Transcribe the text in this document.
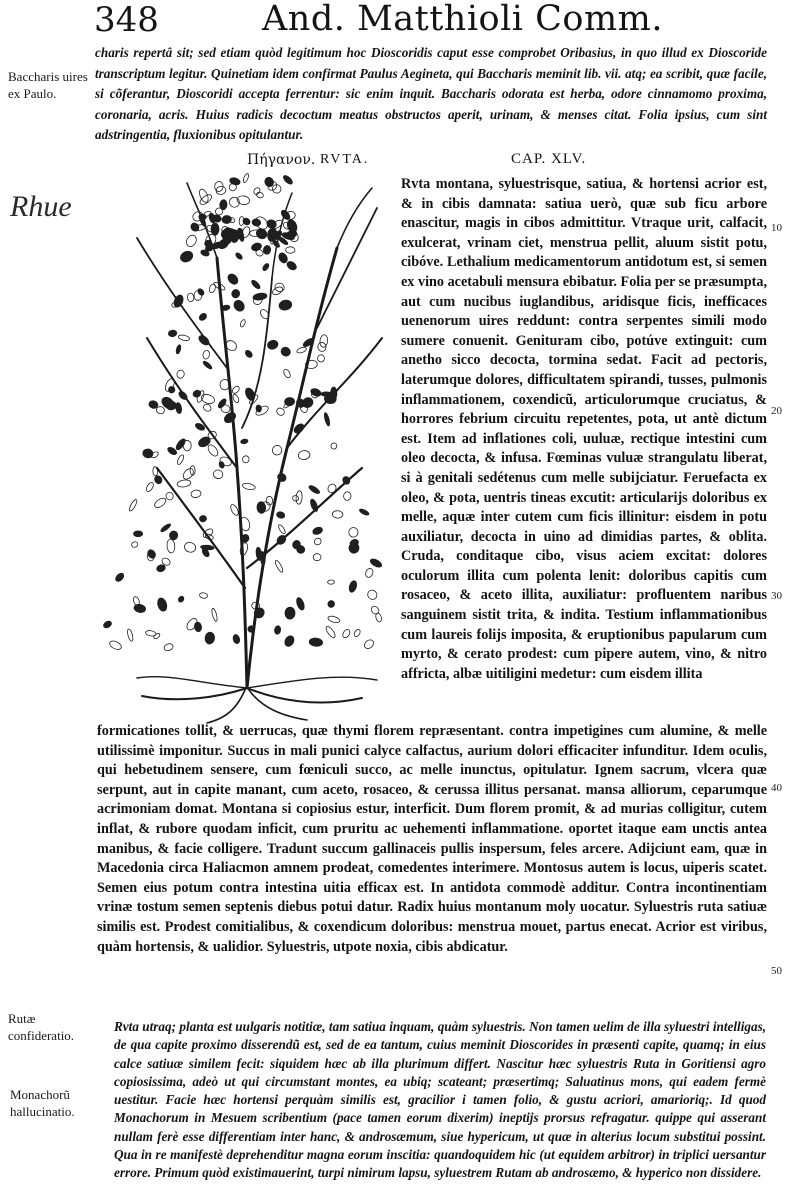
348	And. Matthioli Comm.
charis repertâ sit; sed etiam quòd legitimum hoc Dioscoridis caput esse comprobet Oribasius, in quo illud ex Dioscoride transcriptum legitur. Quinetiam idem confirmat Paulus Aegineta, qui Baccharis meminit lib. vii. atq; ea scribit, quæ facile, si cõferantur, Dioscoridi accepta ferrentur: sic enim inquit. Baccharis odorata est herba, odore cinnamomo proxima, coronaria, acris. Huius radicis decoctum meatus obstructos aperit, urinam, & menses citat. Folia ipsius, cum sint adstringentia, fluxionibus opitulantur.
Baccharis uires ex Paulo.
Rhue
Πήγανον. RVTA.	CAP. XLV.
Rvta montana, syluestrisque, satiua, & hortensi acrior est, & in cibis damnata: satiua uerò, quæ sub ficu arbore enascitur, magis in cibos admittitur. Vtraque urit, calfacit, exulcerat, vrinam ciet, menstrua pellit, aluum sistit potu, cibóve. Lethalium medicamentorum antidotum est, si semen ex vino acetabuli mensura ebibatur. Folia per se præsumpta, aut cum nucibus iuglandibus, aridisque ficis, inefficaces uenenorum uires reddunt: contra serpentes simili modo sumere conuenit. Genituram cibo, potúve extinguit: cum anetho sicco decocta, tormina sedat. Facit ad pectoris, laterumque dolores, difficultatem spirandi, tusses, pulmonis inflammationem, coxendicũ, articulorumque cruciatus, & horrores febrium circuitu repetentes, pota, ut antè dictum est. Item ad inflationes coli, uuluæ, rectique intestini cum oleo decocta, & infusa. Fœminas vuluæ strangulatu liberat, si à genitali sedétenus cum melle subijciatur. Feruefacta ex oleo, & pota, uentris tineas excutit: articularijs doloribus ex melle, aquæ inter cutem cum ficis illinitur: eisdem in potu auxiliatur, decocta in uino ad dimidias partes, & oblita. Cruda, conditaque cibo, visus aciem excitat: dolores oculorum illita cum polenta lenit: doloribus capitis cum rosaceo, & aceto illita, auxiliatur: profluentem naribus sanguinem sistit trita, & indita. Testium inflammationibus cum laureis folijs imposita, & eruptionibus papularum cum myrto, & cerato prodest: cum pipere autem, vino, & nitro affricta, albæ uitiligini medetur: cum eisdem illita
formicationes tollit, & uerrucas, quæ thymi florem repræsentant. contra impetigines cum alumine, & melle utilissimè imponitur. Succus in mali punici calyce calfactus, aurium dolori efficaciter infunditur. Idem oculis, qui hebetudinem sensere, cum fœniculi succo, ac melle inunctus, opitulatur. Ignem sacrum, vlcera quæ serpunt, aut in capite manant, cum aceto, rosaceo, & cerussa illitus persanat. mansa alliorum, ceparumque acrimoniam domat. Montana si copiosius estur, interficit. Dum florem promit, & ad murias colligitur, cutem inflat, & rubore quodam inficit, cum pruritu ac uehementi inflammatione. oportet itaque eam unctis antea manibus, & facie colligere. Tradunt succum gallinaceis pullis inspersum, feles arcere. Adijciunt eam, quæ in Macedonia circa Haliacmon amnem prodeat, comedentes interimere. Montosus autem is locus, uiperis scatet. Semen eius potum contra intestina uitia efficax est. In antidota commodè additur. Contra incontinentiam vrinæ tostum semen septenis diebus potui datur. Radix huius montanum moly uocatur. Syluestris ruta satiuæ similis est. Prodest comitialibus, & coxendicum doloribus: menstrua mouet, partus enecat. Acrior est viribus, quàm hortensis, & ualidior. Syluestris, utpote noxia, cibis abdicatur.
10
20
30
40
50
Rutæ confideratio.
Monachorũ hallucinatio.
Rvta utraq; planta est uulgaris notitiæ, tam satiua inquam, quàm syluestris. Non tamen uelim de illa syluestri intelligas, de qua capite proximo disserendũ est, sed de ea tantum, cuius meminit Dioscorides in præsenti capite, quamq; in eius calce satiuæ similem fecit: siquidem hæc ab illa plurimum differt. Nascitur hæc syluestris Ruta in Goritiensi agro copiosissima, adeò ut qui circumstant montes, ea ubiq; scateant; præsertimq; Saluatinus mons, qui eadem fermè uestitur. Facie hæc hortensi perquàm similis est, gracilior i tamen folio, & gustu acriori, amarioriq;. Id quod Monachorum in Mesuem scribentium (pace tamen eorum dixerim) ineptijs prorsus refragatur. quippe qui asserant nullam ferè esse differentiam inter hanc, & androsæmum, siue hypericum, ut quæ in alterius locum substitui possint. Qua in re manifestè deprehenditur magna eorum inscitia: quandoquidem hic (ut equidem arbitror) in triplici uersantur errore. Primum quòd existimauerint, turpi nimirum lapsu, syluestrem Rutam ab androsæmo, & hyperico non dissidere.
